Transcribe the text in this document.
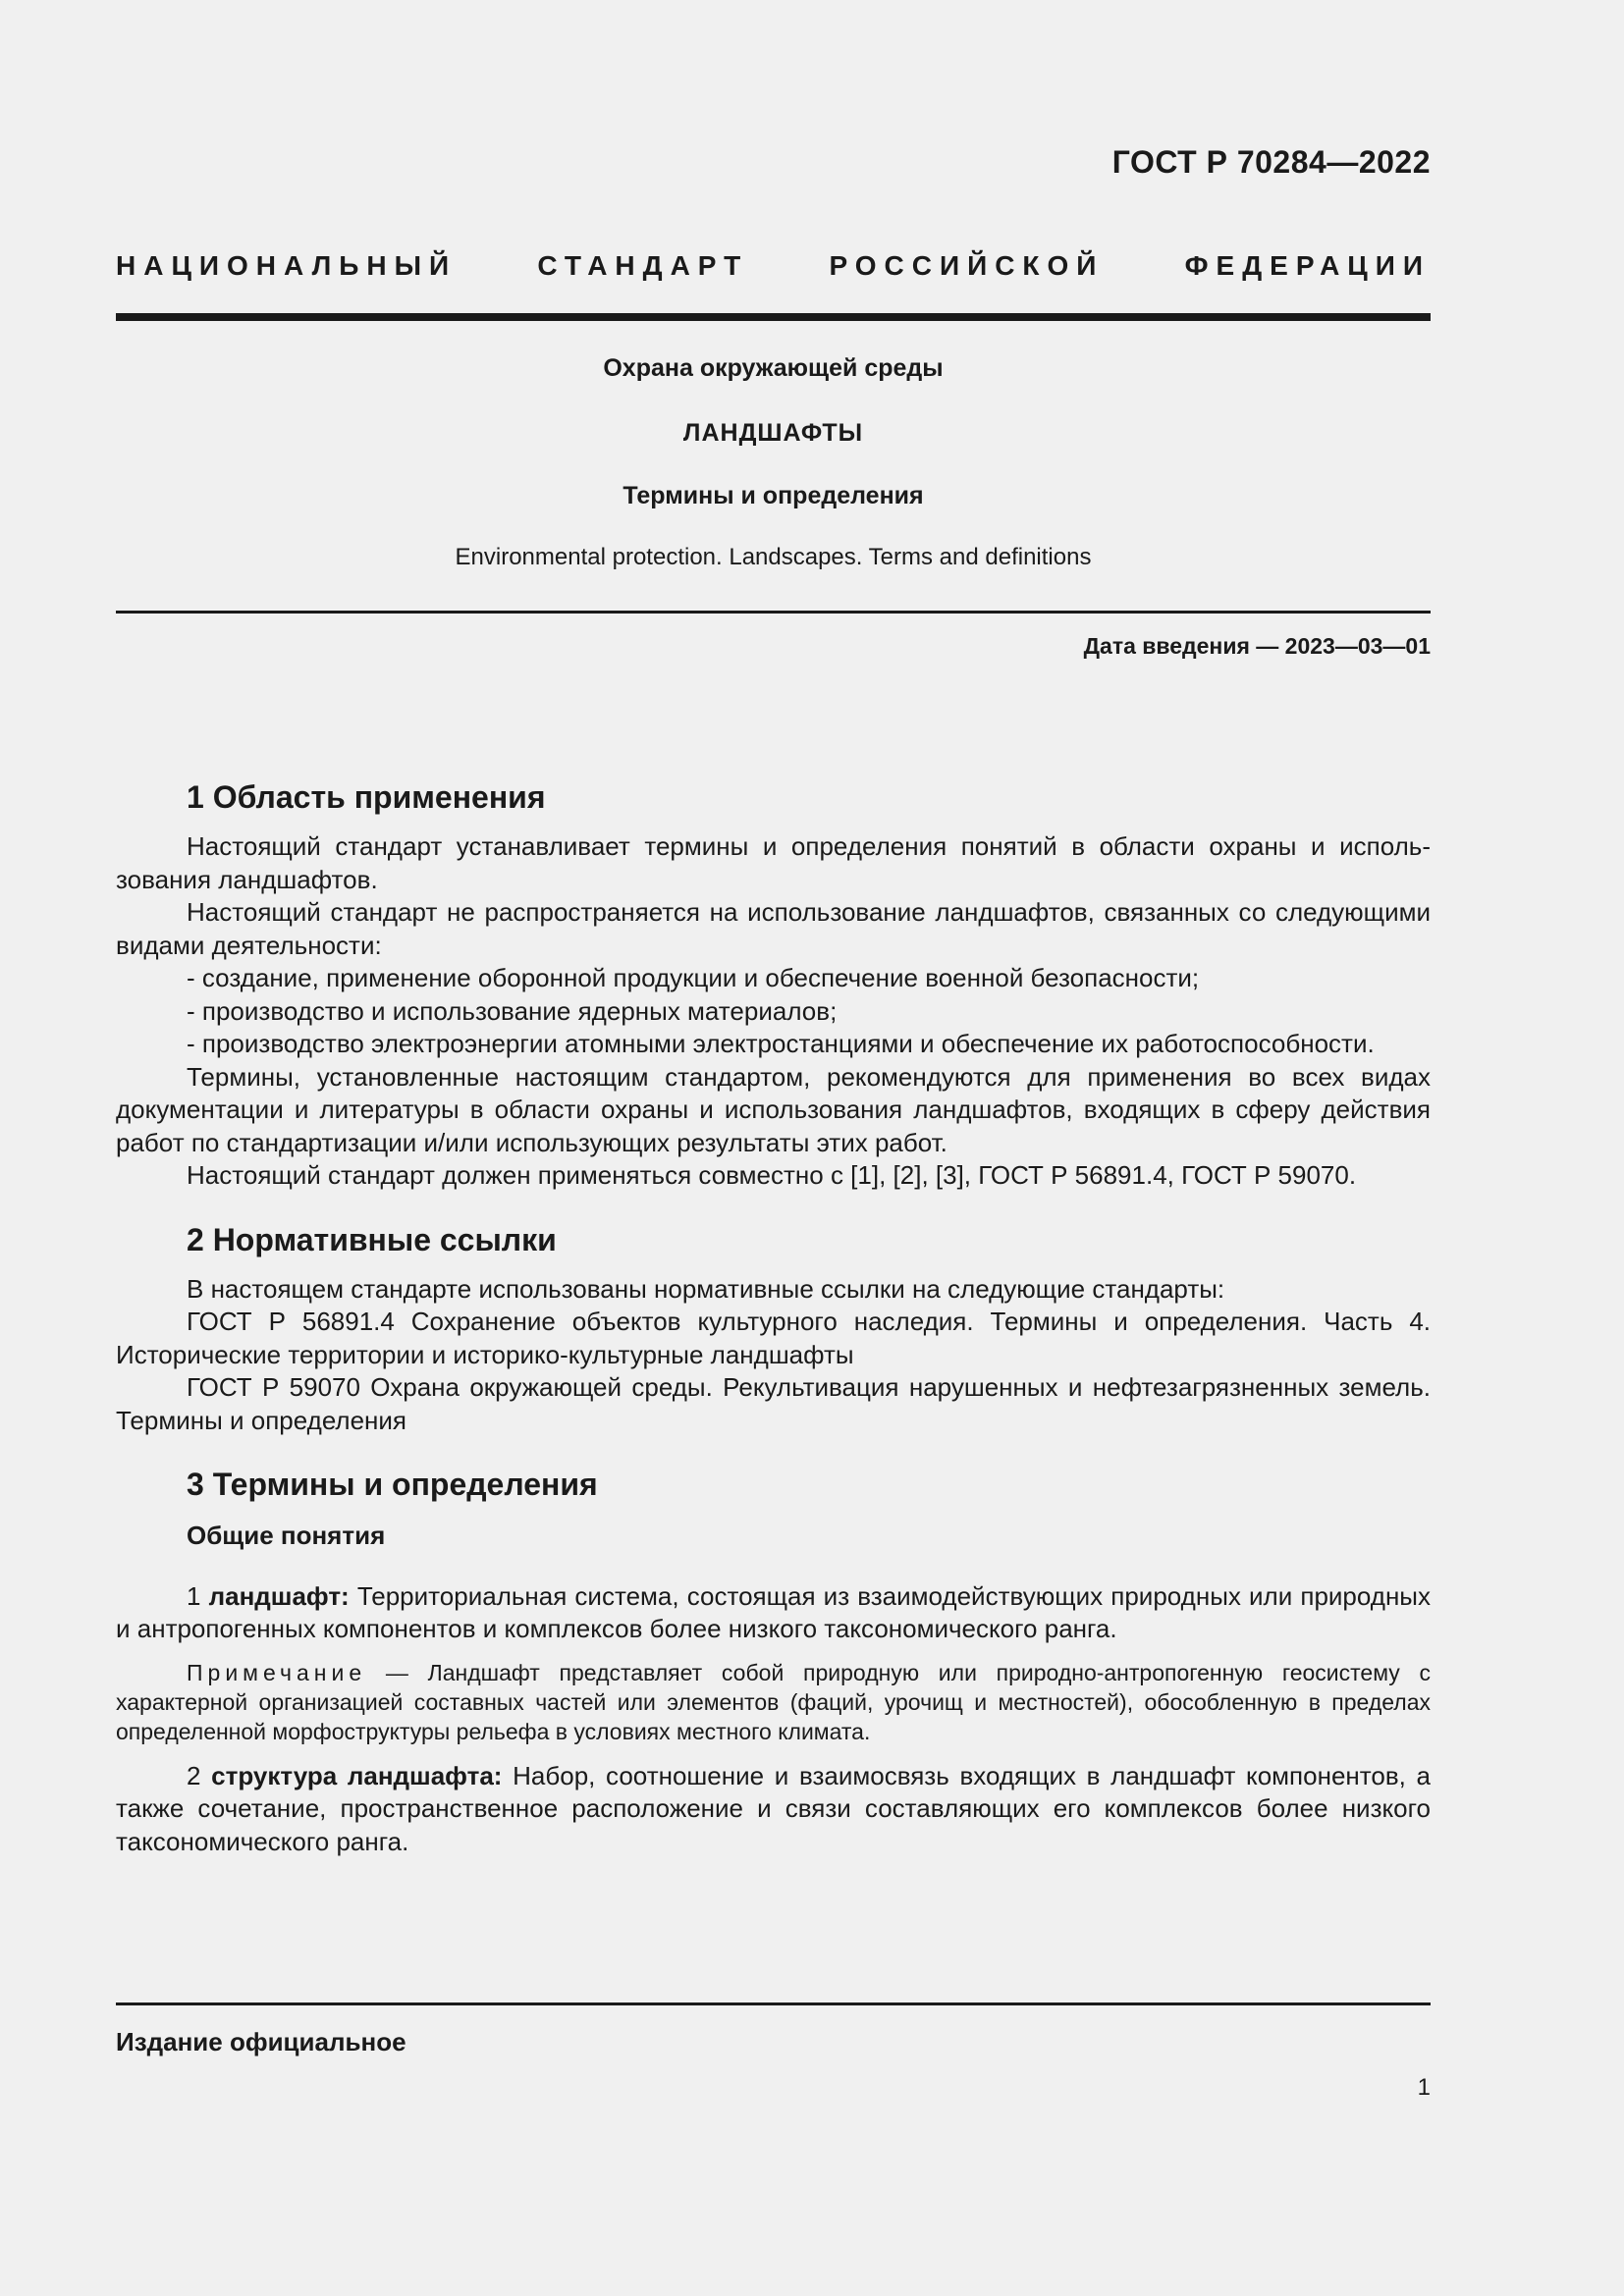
ГОСТ Р 70284—2022
НАЦИОНАЛЬНЫЙ СТАНДАРТ РОССИЙСКОЙ ФЕДЕРАЦИИ
Охрана окружающей среды
ЛАНДШАФТЫ
Термины и определения
Environmental protection. Landscapes. Terms and definitions
Дата введения — 2023—03—01
1 Область применения

Настоящий стандарт устанавливает термины и определения понятий в области охраны и использования ландшафтов.

Настоящий стандарт не распространяется на использование ландшафтов, связанных со следующими видами деятельности:

- создание, применение оборонной продукции и обеспечение военной безопасности;

- производство и использование ядерных материалов;

- производство электроэнергии атомными электростанциями и обеспечение их работоспособности.

Термины, установленные настоящим стандартом, рекомендуются для применения во всех видах документации и литературы в области охраны и использования ландшафтов, входящих в сферу действия работ по стандартизации и/или использующих результаты этих работ.

Настоящий стандарт должен применяться совместно с [1], [2], [3], ГОСТ Р 56891.4, ГОСТ Р 59070.

2 Нормативные ссылки

В настоящем стандарте использованы нормативные ссылки на следующие стандарты:

ГОСТ Р 56891.4 Сохранение объектов культурного наследия. Термины и определения. Часть 4. Исторические территории и историко-культурные ландшафты

ГОСТ Р 59070 Охрана окружающей среды. Рекультивация нарушенных и нефтезагрязненных земель. Термины и определения

3 Термины и определения
Общие понятия

1 ландшафт: Территориальная система, состоящая из взаимодействующих природных или природных и антропогенных компонентов и комплексов более низкого таксономического ранга.

Примечание — Ландшафт представляет собой природную или природно-антропогенную геосистему с характерной организацией составных частей или элементов (фаций, урочищ и местностей), обособленную в пределах определенной морфоструктуры рельефа в условиях местного климата.

2 структура ландшафта: Набор, соотношение и взаимосвязь входящих в ландшафт компонентов, а также сочетание, пространственное расположение и связи составляющих его комплексов более низкого таксономического ранга.

Издание официальное
1
